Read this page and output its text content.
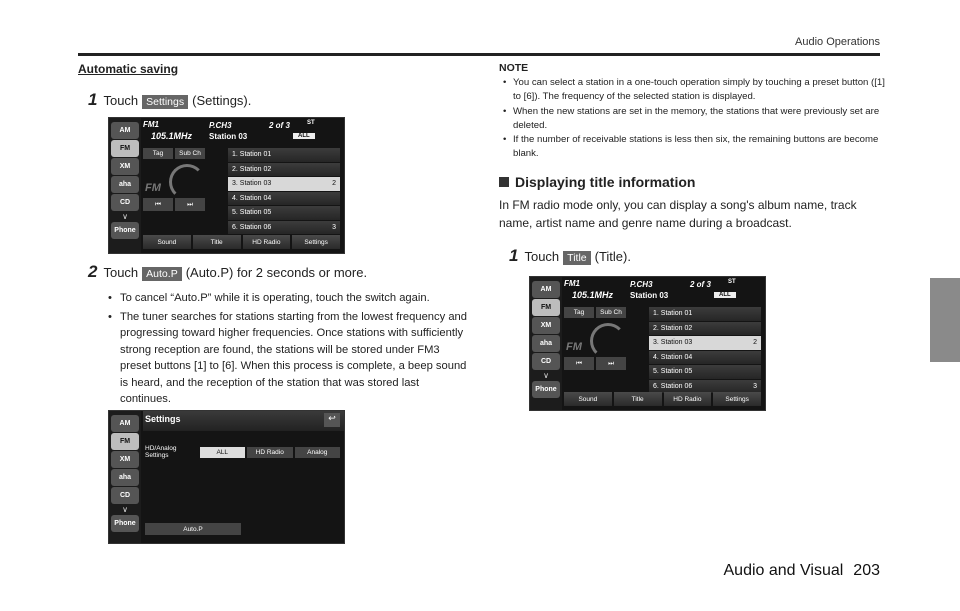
Audio Operations
Automatic saving
1 Touch Settings (Settings).
AM
FM
XM
aha
CD
∨
Phone
FM1
105.1MHz
P.CH3
Station 03
2 of 3	ST
ALL
Tag	Sub Ch
FM
⏮	⏭
1. Station 01
2. Station 02
3. Station 03	2
4. Station 04
5. Station 05
6. Station 06	3
Sound	Title	HD Radio	Settings
2 Touch Auto.P (Auto.P) for 2 seconds or more.
• To cancel “Auto.P” while it is operating, touch the switch again.
• The tuner searches for stations starting from the lowest frequency and progressing toward higher frequencies. Once stations with sufficiently strong reception are found, the stations will be stored under FM3 preset buttons [1] to [6]. When this process is complete, a beep sound is heard, and the reception of the station that was stored last continues.
AM
FM
XM
aha
CD
∨
Phone
Settings	↩
HD/Analog Settings	ALL	HD Radio	Analog
Auto.P
NOTE
• You can select a station in a one-touch operation simply by touching a preset button ([1] to [6]). The frequency of the selected station is displayed.
• When the new stations are set in the memory, the stations that were previously set are deleted.
• If the number of receivable stations is less then six, the remaining buttons are become blank.
Displaying title information
In FM radio mode only, you can display a song's album name, track name, artist name and genre name during a broadcast.
1 Touch Title (Title).
AM
FM
XM
aha
CD
∨
Phone
FM1
105.1MHz
P.CH3
Station 03
2 of 3	ST
ALL
Tag	Sub Ch
FM
⏮	⏭
1. Station 01
2. Station 02
3. Station 03	2
4. Station 04
5. Station 05
6. Station 06	3
Sound	Title	HD Radio	Settings
Audio and Visual 203
